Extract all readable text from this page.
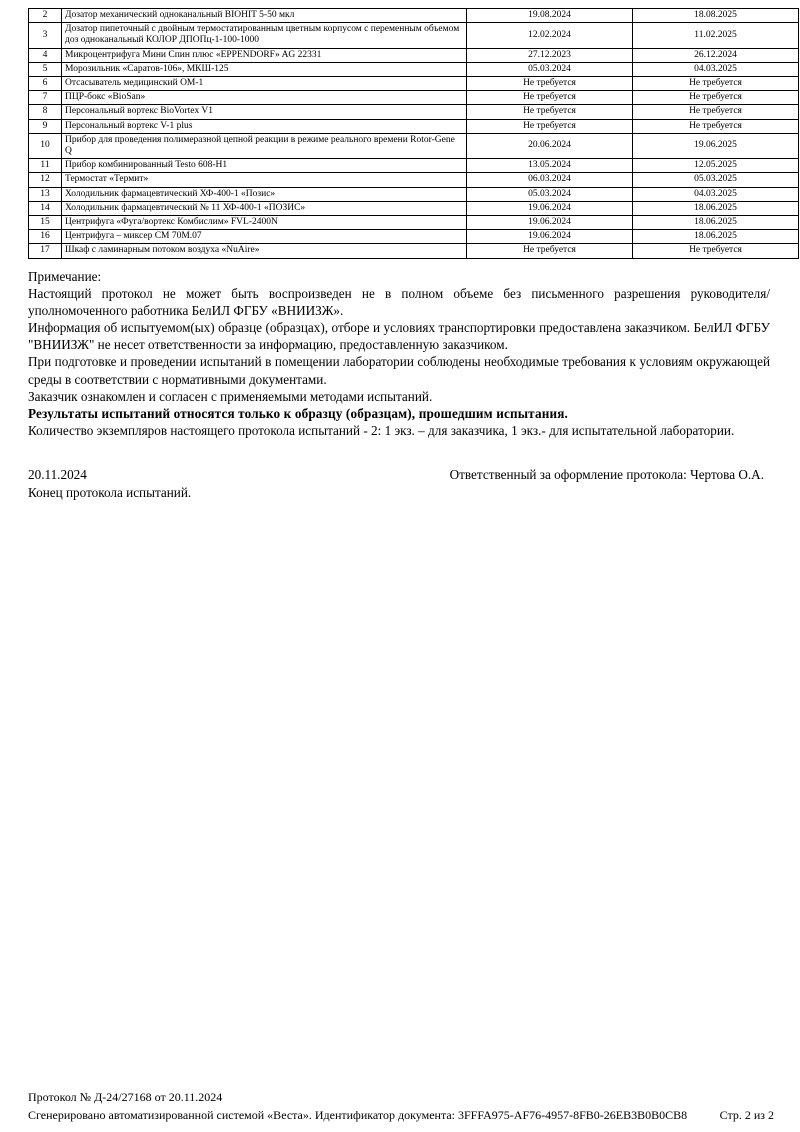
2	Дозатор механический одноканальный BIOHIT 5-50 мкл	19.08.2024	18.08.2025
3	Дозатор пипеточный с двойным термостатированным цветным корпусом с переменным объемом доз одноканальный КОЛОР ДПОПц-1-100-1000	12.02.2024	11.02.2025
4	Микроцентрифуга Мини Спин плюс «EPPENDORF» AG 22331	27.12.2023	26.12.2024
5	Морозильник «Саратов-106», МКШ-125	05.03.2024	04.03.2025
6	Отсасыватель медицинский ОМ-1	Не требуется	Не требуется
7	ПЦР-бокс «BioSan»	Не требуется	Не требуется
8	Персональный вортекс BioVortex V1	Не требуется	Не требуется
9	Персональный вортекс V-1 plus	Не требуется	Не требуется
10	Прибор для проведения полимеразной цепной реакции в режиме реального времени Rotor-Gene Q	20.06.2024	19.06.2025
11	Прибор комбинированный Testo 608-H1	13.05.2024	12.05.2025
12	Термостат «Термит»	06.03.2024	05.03.2025
13	Холодильник фармацевтический ХФ-400-1 «Позис»	05.03.2024	04.03.2025
14	Холодильник фармацевтический № 11 ХФ-400-1 «ПОЗИС»	19.06.2024	18.06.2025
15	Центрифуга «Фуга/вортекс Комбислим» FVL-2400N	19.06.2024	18.06.2025
16	Центрифуга – миксер СМ 70М.07	19.06.2024	18.06.2025
17	Шкаф с ламинарным потоком воздуха «NuAire»	Не требуется	Не требуется

Примечание:

Настоящий протокол не может быть воспроизведен не в полном объеме без письменного разрешения руководителя/уполномоченного работника БелИЛ ФГБУ «ВНИИЗЖ».

Информация об испытуемом(ых) образце (образцах), отборе и условиях транспортировки предоставлена заказчиком. БелИЛ ФГБУ "ВНИИЗЖ" не несет ответственности за информацию, предоставленную заказчиком.

При подготовке и проведении испытаний в помещении лаборатории соблюдены необходимые требования к условиям окружающей среды в соответствии с нормативными документами.

Заказчик ознакомлен и согласен с применяемыми методами испытаний.

Результаты испытаний относятся только к образцу (образцам), прошедшим испытания.

Количество экземпляров настоящего протокола испытаний - 2: 1 экз. – для заказчика, 1 экз.- для испытательной лаборатории.

20.11.2024	Ответственный за оформление протокола: Чертова О.А.
Конец протокола испытаний.
Протокол № Д-24/27168 от 20.11.2024
Сгенерировано автоматизированной системой «Веста». Идентификатор документа: 3FFFA975-AF76-4957-8FB0-26EB3B0B0CB8	Стр. 2 из 2
